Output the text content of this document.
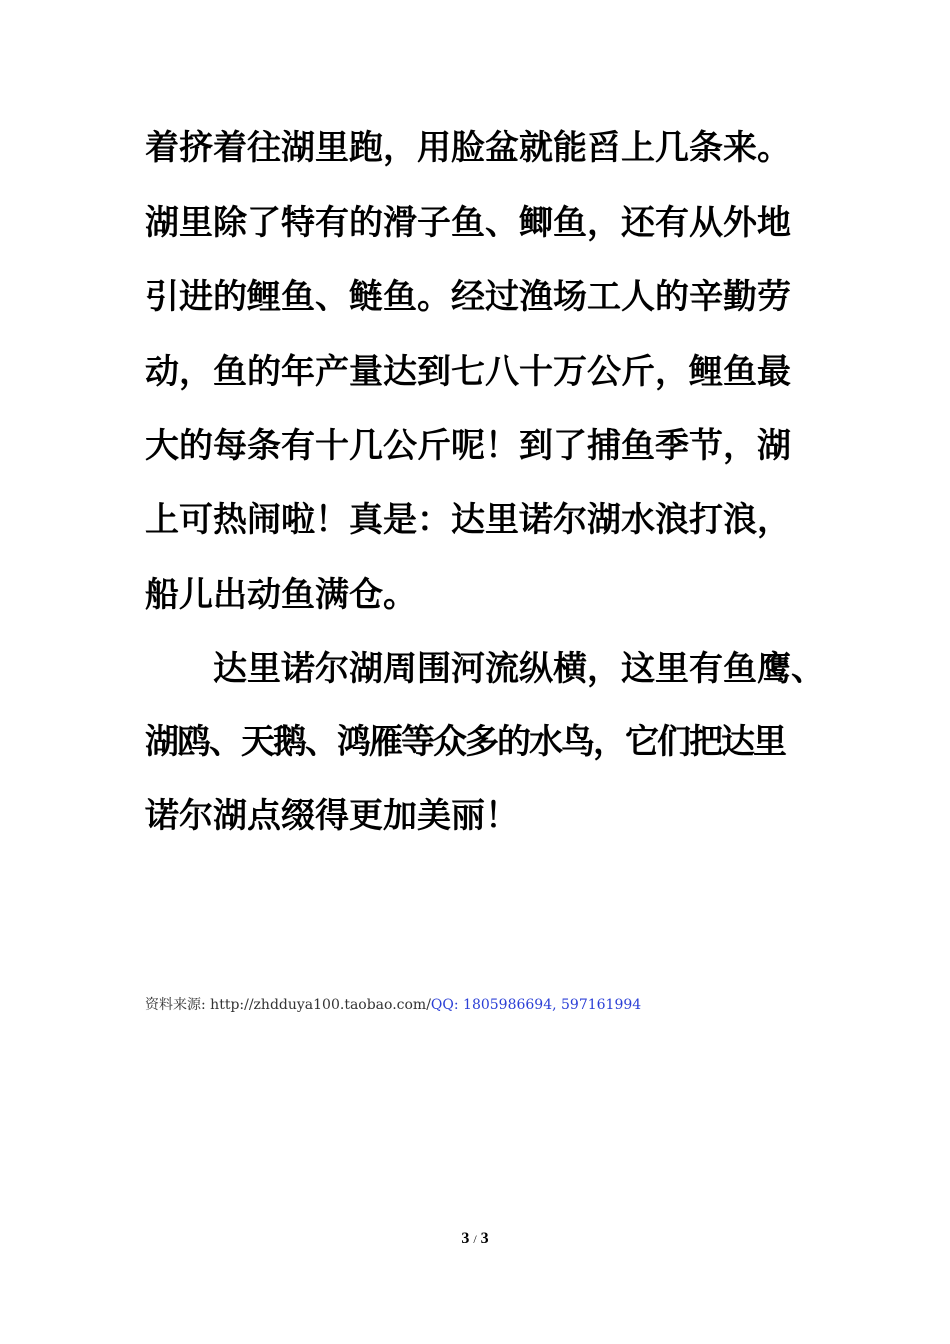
着挤着往湖里跑，用脸盆就能舀上几条来。
湖里除了特有的滑子鱼、鲫鱼，还有从外地
引进的鲤鱼、鲢鱼。经过渔场工人的辛勤劳
动，鱼的年产量达到七八十万公斤，鲤鱼最
大的每条有十几公斤呢！到了捕鱼季节，湖
上可热闹啦！真是：达里诺尔湖水浪打浪，
船儿出动鱼满仓。
达里诺尔湖周围河流纵横，这里有鱼鹰、
湖鸥、天鹅、鸿雁等众多的水鸟，它们把达里
诺尔湖点缀得更加美丽！
资料来源: http://zhdduya100.taobao.com/QQ: 1805986694, 597161994
3 / 3
